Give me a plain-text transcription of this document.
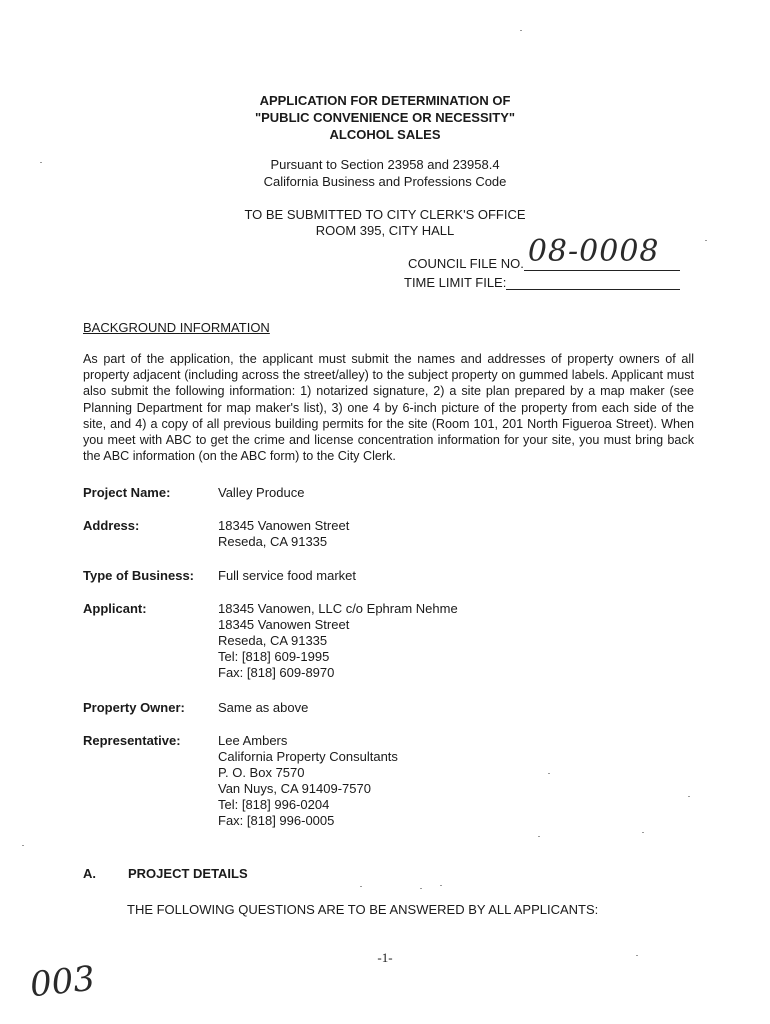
APPLICATION FOR DETERMINATION OF
"PUBLIC CONVENIENCE OR NECESSITY"
ALCOHOL SALES
Pursuant to Section 23958 and 23958.4
California Business and Professions Code
TO BE SUBMITTED TO CITY CLERK'S OFFICE
ROOM 395, CITY HALL
COUNCIL FILE NO. 08-0008
TIME LIMIT FILE:
BACKGROUND INFORMATION

As part of the application, the applicant must submit the names and addresses of property owners of all property adjacent (including across the street/alley) to the subject property on gummed labels. Applicant must also submit the following information: 1) notarized signature, 2) a site plan prepared by a map maker (see Planning Department for map maker's list), 3) one 4 by 6-inch picture of the property from each side of the site, and 4) a copy of all previous building permits for the site (Room 101, 201 North Figueroa Street). When you meet with ABC to get the crime and license concentration information for your site, you must bring back the ABC information (on the ABC form) to the City Clerk.

Project Name:	Valley Produce
Address:	18345 Vanowen Street
Reseda, CA 91335
Type of Business:	Full service food market
Applicant:	18345 Vanowen, LLC c/o Ephram Nehme
18345 Vanowen Street
Reseda, CA 91335
Tel: [818] 609-1995
Fax: [818] 609-8970
Property Owner:	Same as above
Representative:	Lee Ambers
California Property Consultants
P. O. Box 7570
Van Nuys, CA 91409-7570
Tel: [818] 996-0204
Fax: [818] 996-0005
A.	PROJECT DETAILS
THE FOLLOWING QUESTIONS ARE TO BE ANSWERED BY ALL APPLICANTS:
-1-
003
